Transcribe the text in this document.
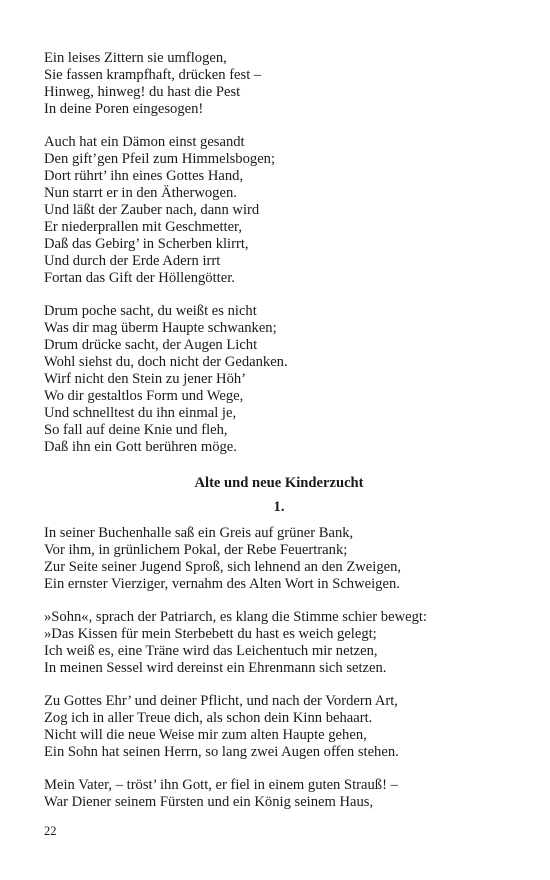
Ein leises Zittern sie umflogen,
Sie fassen krampfhaft, drücken fest –
Hinweg, hinweg! du hast die Pest
In deine Poren eingesogen!
Auch hat ein Dämon einst gesandt
Den gift’gen Pfeil zum Himmelsbogen;
Dort rührt’ ihn eines Gottes Hand,
Nun starrt er in den Ätherwogen.
Und läßt der Zauber nach, dann wird
Er niederprallen mit Geschmetter,
Daß das Gebirg’ in Scherben klirrt,
Und durch der Erde Adern irrt
Fortan das Gift der Höllengötter.
Drum poche sacht, du weißt es nicht
Was dir mag überm Haupte schwanken;
Drum drücke sacht, der Augen Licht
Wohl siehst du, doch nicht der Gedanken.
Wirf nicht den Stein zu jener Höh’
Wo dir gestaltlos Form und Wege,
Und schnelltest du ihn einmal je,
So fall auf deine Knie und fleh,
Daß ihn ein Gott berühren möge.
Alte und neue Kinderzucht
1.
In seiner Buchenhalle saß ein Greis auf grüner Bank,
Vor ihm, in grünlichem Pokal, der Rebe Feuertrank;
Zur Seite seiner Jugend Sproß, sich lehnend an den Zweigen,
Ein ernster Vierziger, vernahm des Alten Wort in Schweigen.
»Sohn«, sprach der Patriarch, es klang die Stimme schier bewegt:
»Das Kissen für mein Sterbebett du hast es weich gelegt;
Ich weiß es, eine Träne wird das Leichentuch mir netzen,
In meinen Sessel wird dereinst ein Ehrenmann sich setzen.
Zu Gottes Ehr’ und deiner Pflicht, und nach der Vordern Art,
Zog ich in aller Treue dich, als schon dein Kinn behaart.
Nicht will die neue Weise mir zum alten Haupte gehen,
Ein Sohn hat seinen Herrn, so lang zwei Augen offen stehen.
Mein Vater, – tröst’ ihn Gott, er fiel in einem guten Strauß! –
War Diener seinem Fürsten und ein König seinem Haus,
22
